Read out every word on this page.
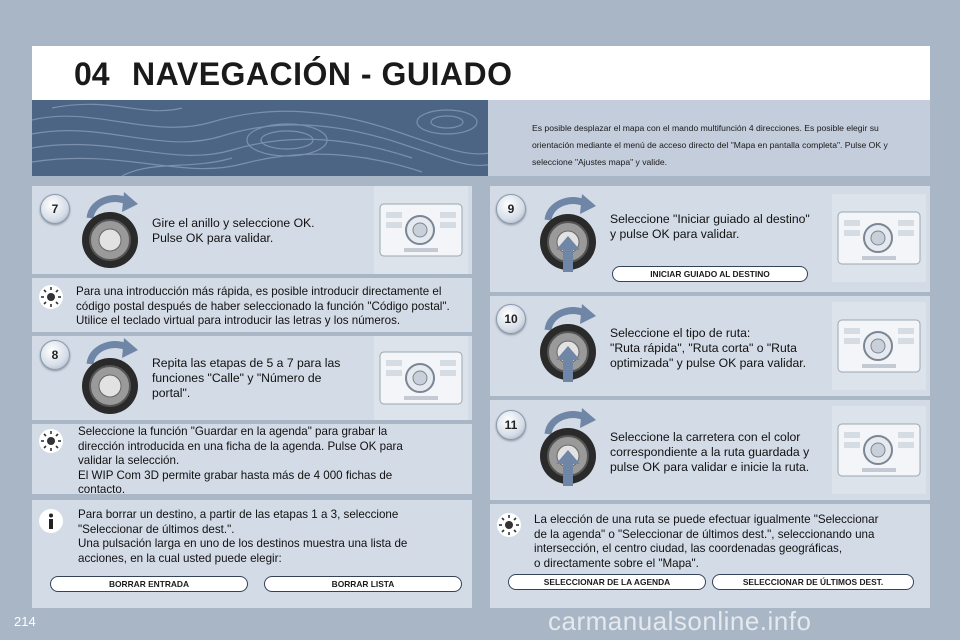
04 NAVEGACIÓN - GUIADO
Es posible desplazar el mapa con el mando multifunción 4 direcciones. Es posible elegir su orientación mediante el menú de acceso directo del "Mapa en pantalla completa". Pulse OK y seleccione "Ajustes mapa" y valide.
7
8
9
10
11
Gire el anillo y seleccione OK.
Pulse OK para validar.
Repita las etapas de 5 a 7 para las
funciones "Calle" y "Número de
portal".
Seleccione "Iniciar guiado al destino"
y pulse OK para validar.
INICIAR GUIADO AL DESTINO
Seleccione el tipo de ruta:
"Ruta rápida", "Ruta corta" o "Ruta
optimizada" y pulse OK para validar.
Seleccione la carretera con el color
correspondiente a la ruta guardada y
pulse OK para validar e inicie la ruta.
Para una introducción más rápida, es posible introducir directamente el
código postal después de haber seleccionado la función "Código postal".
Utilice el teclado virtual para introducir las letras y los números.
Seleccione la función "Guardar en la agenda" para grabar la
dirección introducida en una ficha de la agenda. Pulse OK para
validar la selección.
El WIP Com 3D permite grabar hasta más de 4 000 fichas de
contacto.
Para borrar un destino, a partir de las etapas 1 a 3, seleccione
"Seleccionar de últimos dest.".
Una pulsación larga en uno de los destinos muestra una lista de
acciones, en la cual usted puede elegir:
BORRAR ENTRADA	BORRAR LISTA
La elección de una ruta se puede efectuar igualmente "Seleccionar
de la agenda" o "Seleccionar de últimos dest.", seleccionando una
intersección, el centro ciudad, las coordenadas geográficas,
o directamente sobre el "Mapa".
SELECCIONAR DE LA AGENDA	SELECCIONAR DE ÚLTIMOS DEST.
214	carmanualsonline.info
